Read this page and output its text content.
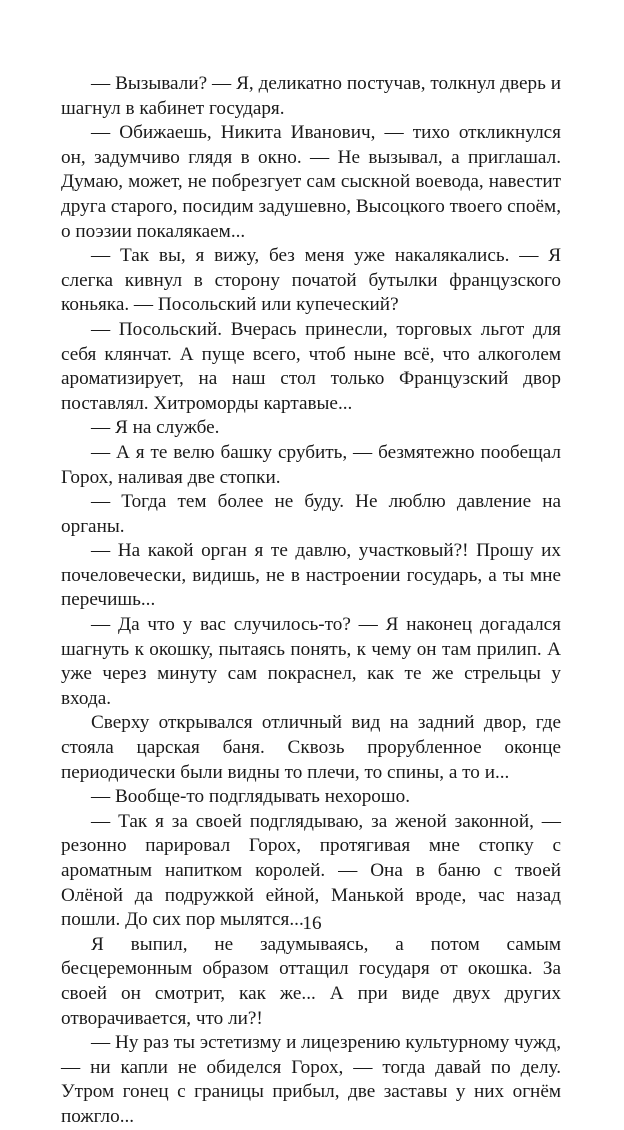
— Вызывали? — Я, деликатно постучав, толкнул дверь и шагнул в кабинет государя.

— Обижаешь, Никита Иванович, — тихо откликнулся он, задумчиво глядя в окно. — Не вызывал, а приглашал. Думаю, может, не побрезгует сам сыскной воевода, навестит друга старого, посидим задушевно, Высоцкого твоего споём, о поэзии покалякаем...

— Так вы, я вижу, без меня уже накалякались. — Я слегка кивнул в сторону початой бутылки французского коньяка. — Посольский или купеческий?

— Посольский. Вчерась принесли, торговых льгот для себя клянчат. А пуще всего, чтоб ныне всё, что алкоголем ароматизирует, на наш стол только Французский двор поставлял. Хитроморды картавые...

— Я на службе.

— А я те велю башку срубить, — безмятежно пообещал Горох, наливая две стопки.

— Тогда тем более не буду. Не люблю давление на органы.

— На какой орган я те давлю, участковый?! Прошу их почеловечески, видишь, не в настроении государь, а ты мне перечишь...

— Да что у вас случилось-то? — Я наконец догадался шагнуть к окошку, пытаясь понять, к чему он там прилип. А уже через минуту сам покраснел, как те же стрельцы у входа.

Сверху открывался отличный вид на задний двор, где стояла царская баня. Сквозь прорубленное оконце периодически были видны то плечи, то спины, а то и...

— Вообще-то подглядывать нехорошо.

— Так я за своей подглядываю, за женой законной, — резонно парировал Горох, протягивая мне стопку с ароматным напитком королей. — Она в баню с твоей Олёной да подружкой ейной, Манькой вроде, час назад пошли. До сих пор мылятся...

Я выпил, не задумываясь, а потом самым бесцеремонным образом оттащил государя от окошка. За своей он смотрит, как же... А при виде двух других отворачивается, что ли?!

— Ну раз ты эстетизму и лицезрению культурному чужд, — ни капли не обиделся Горох, — тогда давай по делу. Утром гонец с границы прибыл, две заставы у них огнём пожгло...

16
